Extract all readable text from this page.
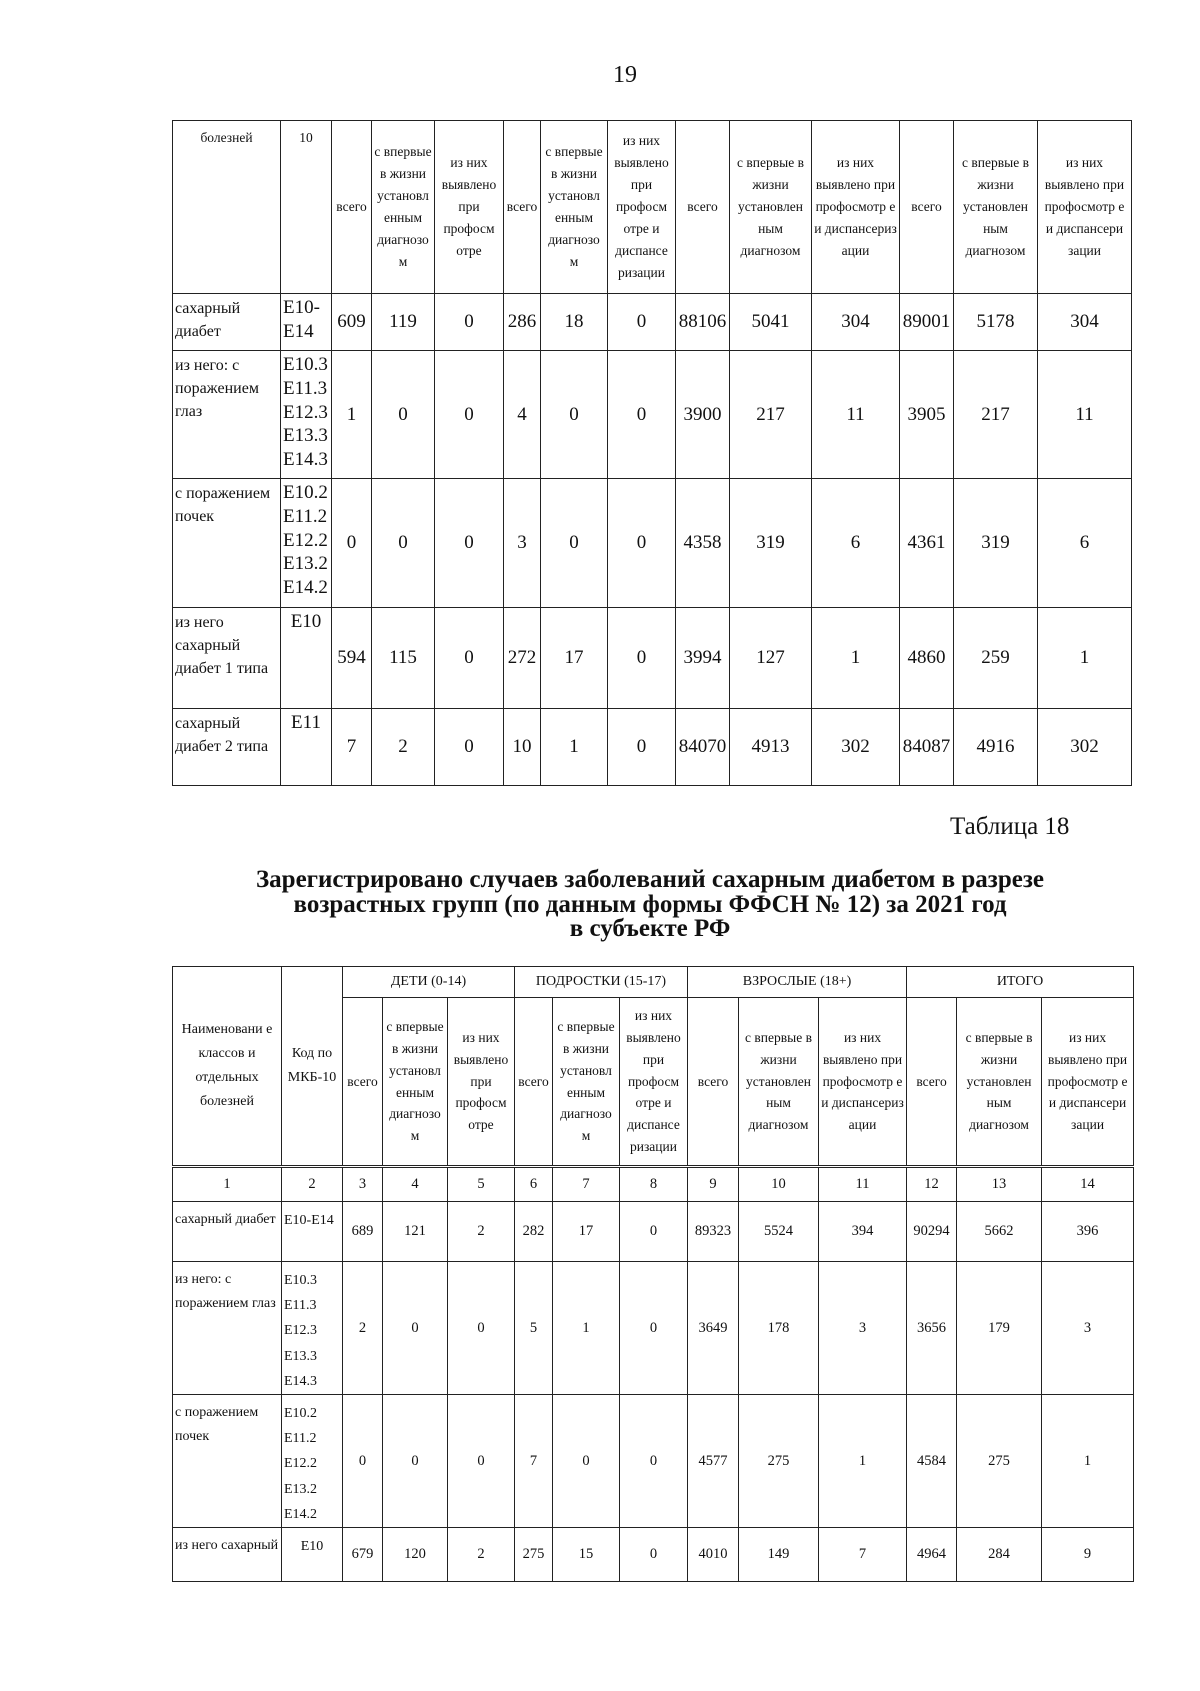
19
болезней	10	всего	с впервые в жизни установл енным диагнозо м	из них выявлено при профосм отре	всего	с впервые в жизни установл енным диагнозо м	из них выявлено при профосм отре и диспансе ризации	всего	с впервые в жизни установлен ным диагнозом	из них выявлено при профосмотр е и диспансериз ации	всего	с впервые в жизни установлен ным диагнозом	из них выявлено при профосмотр е и диспансери зации
сахарный диабет	Е10-Е14	609	119	0	286	18	0	88106	5041	304	89001	5178	304
из него: с поражением глаз	Е10.3 Е11.3 Е12.3 Е13.3 Е14.3	1	0	0	4	0	0	3900	217	11	3905	217	11
с поражением почек	Е10.2 Е11.2 Е12.2 Е13.2 Е14.2	0	0	0	3	0	0	4358	319	6	4361	319	6
из него сахарный диабет 1 типа	Е10	594	115	0	272	17	0	3994	127	1	4860	259	1
сахарный диабет 2 типа	Е11	7	2	0	10	1	0	84070	4913	302	84087	4916	302
Таблица 18
Зарегистрировано случаев заболеваний сахарным диабетом в разрезе
возрастных групп (по данным формы ФФСН № 12) за 2021 год
в субъекте РФ
Наименовани е классов и отдельных болезней	Код по МКБ-10	ДЕТИ (0-14)			ПОДРОСТКИ (15-17)			ВЗРОСЛЫЕ (18+)			ИТОГО		
		всего	с впервые в жизни установл енным диагнозо м	из них выявлено при профосм отре	всего	с впервые в жизни установл енным диагнозо м	из них выявлено при профосм отре и диспансе ризации	всего	с впервые в жизни установлен ным диагнозом	из них выявлено при профосмотр е и диспансериз ации	всего	с впервые в жизни установлен ным диагнозом	из них выявлено при профосмотр е и диспансери зации
1	2	3	4	5	6	7	8	9	10	11	12	13	14
сахарный диабет	Е10-Е14	689	121	2	282	17	0	89323	5524	394	90294	5662	396
из него: с поражением глаз	Е10.3 Е11.3 Е12.3 Е13.3 Е14.3	2	0	0	5	1	0	3649	178	3	3656	179	3
с поражением почек	Е10.2 Е11.2 Е12.2 Е13.2 Е14.2	0	0	0	7	0	0	4577	275	1	4584	275	1
из него сахарный	Е10	679	120	2	275	15	0	4010	149	7	4964	284	9
